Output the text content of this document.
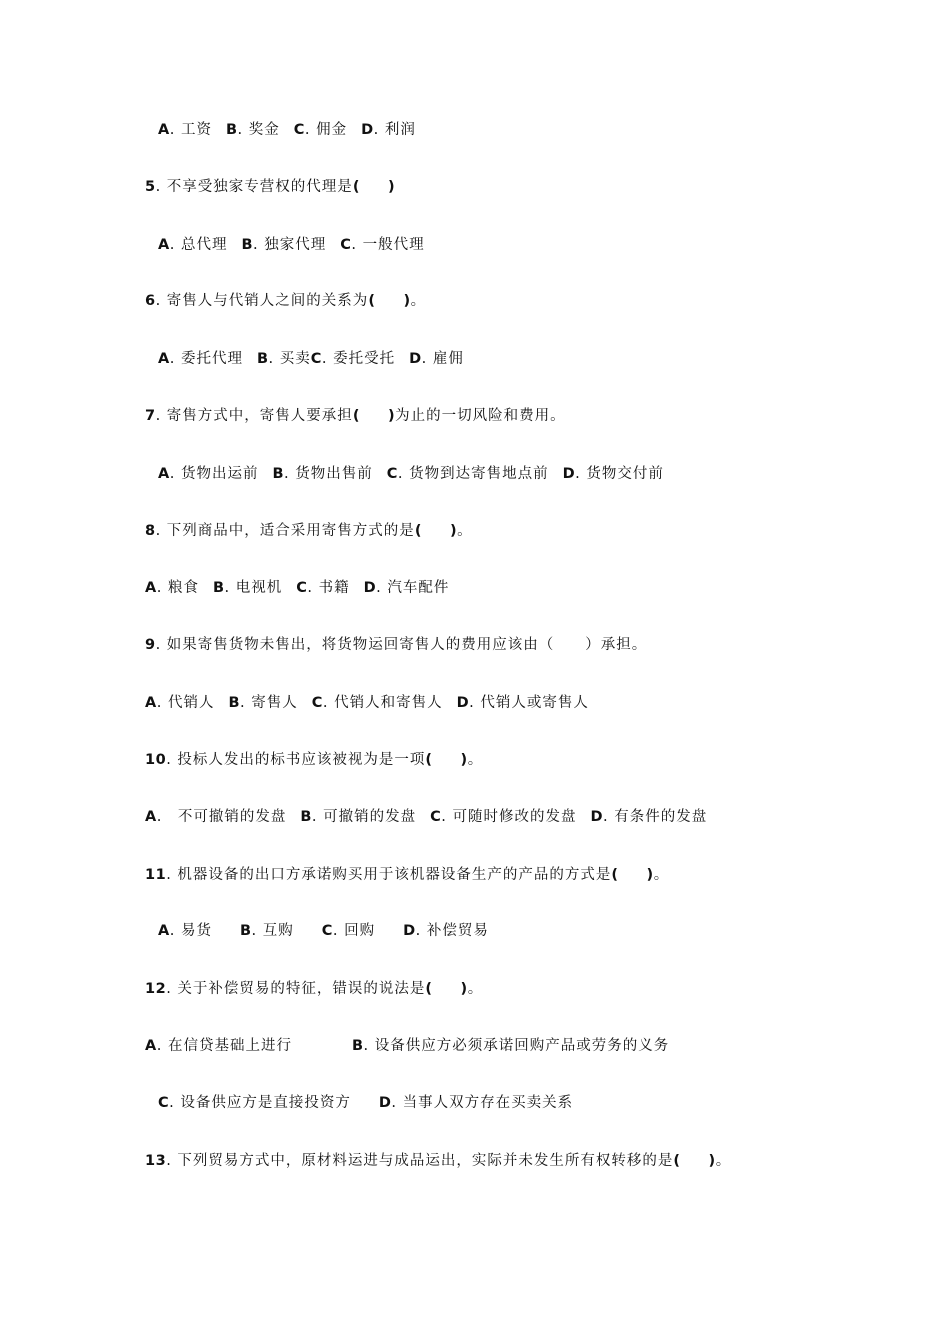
A. 工资 B. 奖金 C. 佣金 D. 利润
5. 不享受独家专营权的代理是( )
A. 总代理 B. 独家代理 C. 一般代理
6. 寄售人与代销人之间的关系为( )。
A. 委托代理 B. 买卖C. 委托受托 D. 雇佣
7. 寄售方式中，寄售人要承担( )为止的一切风险和费用。
A. 货物出运前 B. 货物出售前 C. 货物到达寄售地点前 D. 货物交付前
8. 下列商品中，适合采用寄售方式的是( )。
A. 粮食 B. 电视机 C. 书籍 D. 汽车配件
9. 如果寄售货物未售出，将货物运回寄售人的费用应该由（　　）承担。
A. 代销人 B. 寄售人 C. 代销人和寄售人 D. 代销人或寄售人
10. 投标人发出的标书应该被视为是一项( )。
A.　不可撤销的发盘 B. 可撤销的发盘 C. 可随时修改的发盘 D. 有条件的发盘
11. 机器设备的出口方承诺购买用于该机器设备生产的产品的方式是( )。
A. 易货 B. 互购 C. 回购 D. 补偿贸易
12. 关于补偿贸易的特征，错误的说法是( )。
A. 在信贷基础上进行	B. 设备供应方必须承诺回购产品或劳务的义务
C. 设备供应方是直接投资方 D. 当事人双方存在买卖关系
13. 下列贸易方式中，原材料运进与成品运出，实际并未发生所有权转移的是( )。
